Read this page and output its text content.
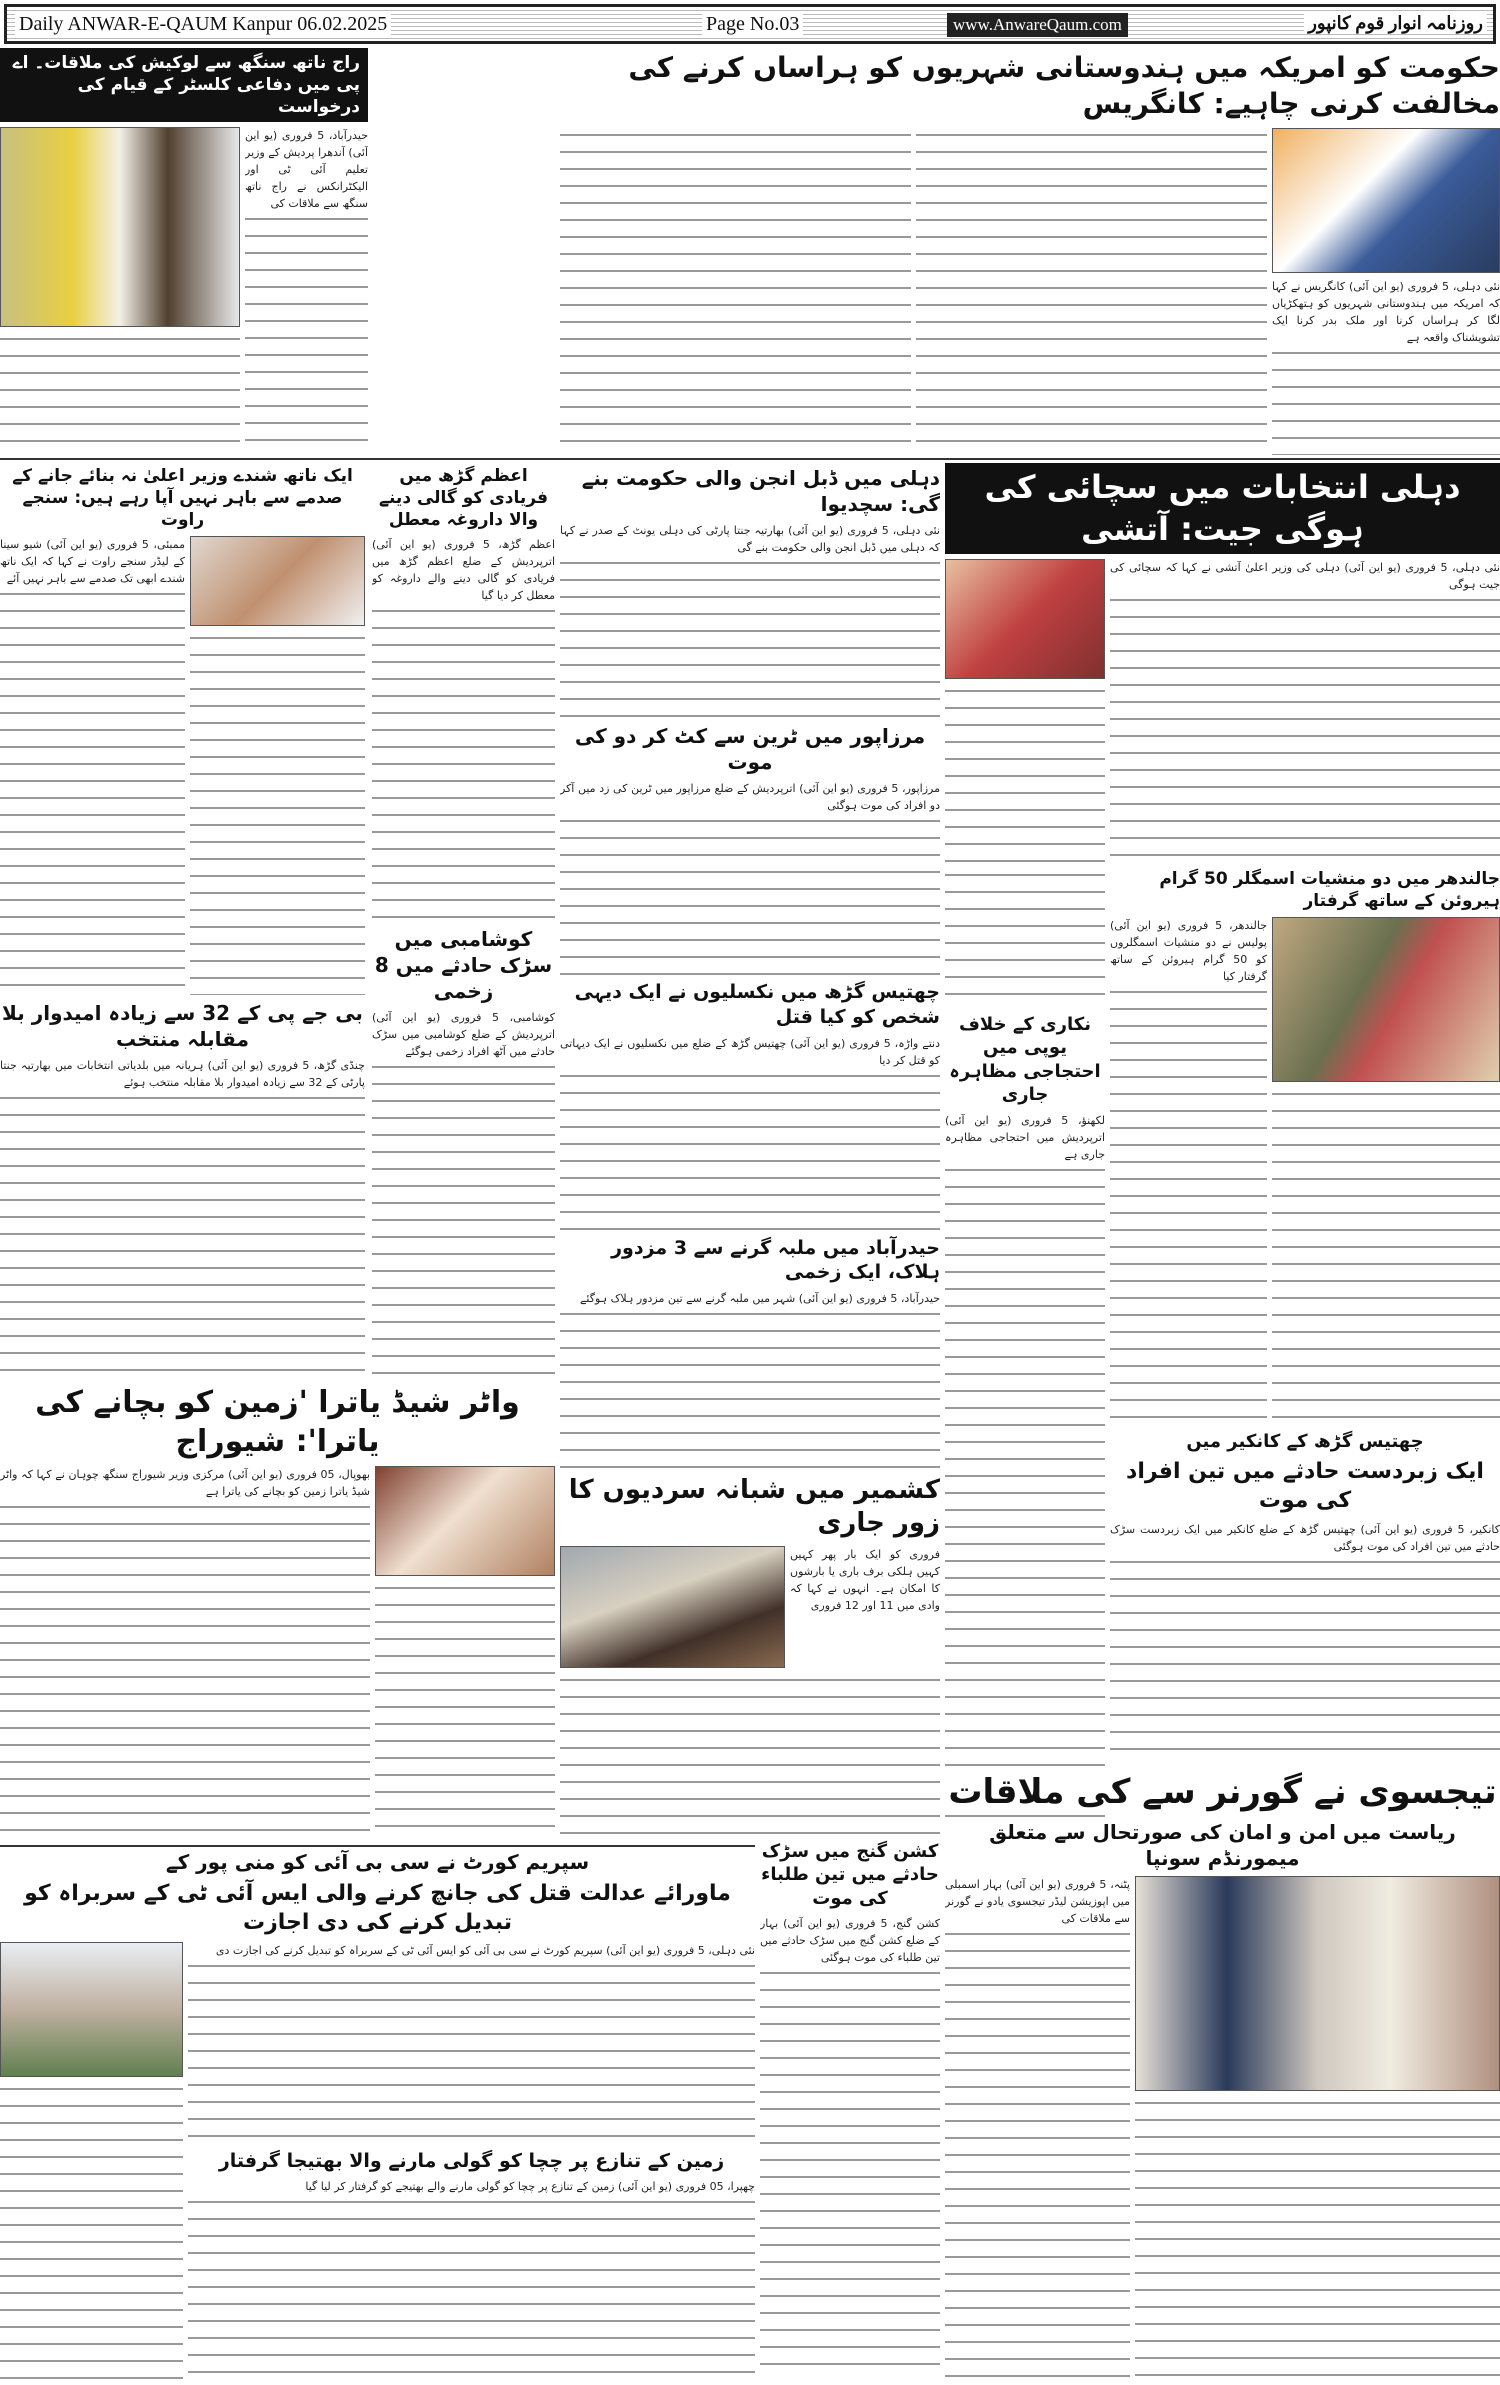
Daily ANWAR-E-QAUM Kanpur 06.02.2025	Page No.03	www.AnwareQaum.com	روزنامہ انوار قوم کانپور
حکومت کو امریکہ میں ہندوستانی شہریوں کو ہراساں کرنے کی مخالفت کرنی چاہیے: کانگریس
نئی دہلی، 5 فروری (یو این آئی) کانگریس نے کہا کہ امریکہ میں ہندوستانی شہریوں کو ہتھکڑیاں لگا کر ہراساں کرنا اور ملک بدر کرنا ایک تشویشناک واقعہ ہے
راج ناتھ سنگھ سے لوکیش کی ملاقات۔ اے پی میں دفاعی کلسٹر کے قیام کی درخواست
حیدرآباد، 5 فروری (یو این آئی) آندھرا پردیش کے وزیر تعلیم آئی ٹی اور الیکٹرانکس نے راج ناتھ سنگھ سے ملاقات کی
دہلی انتخابات میں سچائی کی ہوگی جیت: آتشی
نئی دہلی، 5 فروری (یو این آئی) دہلی کی وزیر اعلیٰ آتشی نے کہا کہ سچائی کی جیت ہوگی
نکاری کے خلاف یوپی میں احتجاجی مظاہرہ جاری
لکھنؤ، 5 فروری (یو این آئی) اترپردیش میں احتجاجی مظاہرہ جاری ہے
جالندھر میں دو منشیات اسمگلر 50 گرام ہیروئن کے ساتھ گرفتار
جالندھر، 5 فروری (یو این آئی) پولیس نے دو منشیات اسمگلروں کو 50 گرام ہیروئن کے ساتھ گرفتار کیا
چھتیس گڑھ کے کانکیر میں
ایک زبردست حادثے میں تین افراد کی موت
کانکیر، 5 فروری (یو این آئی) چھتیس گڑھ کے ضلع کانکیر میں ایک زبردست سڑک حادثے میں تین افراد کی موت ہوگئی
تیجسوی نے گورنر سے کی ملاقات
ریاست میں امن و امان کی صورتحال سے متعلق میمورنڈم سونپا
پٹنہ، 5 فروری (یو این آئی) بہار اسمبلی میں اپوزیشن لیڈر تیجسوی یادو نے گورنر سے ملاقات کی
دہلی میں ڈبل انجن والی حکومت بنے گی: سچدیوا
نئی دہلی، 5 فروری (یو این آئی) بھارتیہ جنتا پارٹی کی دہلی یونٹ کے صدر نے کہا کہ دہلی میں ڈبل انجن والی حکومت بنے گی
مرزاپور میں ٹرین سے کٹ کر دو کی موت
مرزاپور، 5 فروری (یو این آئی) اترپردیش کے ضلع مرزاپور میں ٹرین کی زد میں آکر دو افراد کی موت ہوگئی
چھتیس گڑھ میں نکسلیوں نے ایک دیہی شخص کو کیا قتل
دنتے واڑہ، 5 فروری (یو این آئی) چھتیس گڑھ کے ضلع میں نکسلیوں نے ایک دیہاتی کو قتل کر دیا
حیدرآباد میں ملبہ گرنے سے 3 مزدور ہلاک، ایک زخمی
حیدرآباد، 5 فروری (یو این آئی) شہر میں ملبہ گرنے سے تین مزدور ہلاک ہوگئے
کشمیر میں شبانہ سردیوں کا زور جاری
فروری کو ایک بار پھر کہیں کہیں ہلکی برف باری یا بارشوں کا امکان ہے۔ انہوں نے کہا کہ وادی میں 11 اور 12 فروری
اعظم گڑھ میں فریادی کو گالی دینے والا داروغہ معطل
اعظم گڑھ، 5 فروری (یو این آئی) اترپردیش کے ضلع اعظم گڑھ میں فریادی کو گالی دینے والے داروغہ کو معطل کر دیا گیا
کوشامبی میں سڑک حادثے میں 8 زخمی
کوشامبی، 5 فروری (یو این آئی) اترپردیش کے ضلع کوشامبی میں سڑک حادثے میں آٹھ افراد زخمی ہوگئے
ایک ناتھ شندے وزیر اعلیٰ نہ بنائے جانے کے صدمے سے باہر نہیں آپا رہے ہیں: سنجے راوت
ممبئی، 5 فروری (یو این آئی) شیو سینا کے لیڈر سنجے راوت نے کہا کہ ایک ناتھ شندے ابھی تک صدمے سے باہر نہیں آئے
بی جے پی کے 32 سے زیادہ امیدوار بلا مقابلہ منتخب
چنڈی گڑھ، 5 فروری (یو این آئی) ہریانہ میں بلدیاتی انتخابات میں بھارتیہ جنتا پارٹی کے 32 سے زیادہ امیدوار بلا مقابلہ منتخب ہوئے
واٹر شیڈ یاترا 'زمین کو بچانے کی یاترا': شیوراج
بھوپال، 05 فروری (یو این آئی) مرکزی وزیر شیوراج سنگھ چوہان نے کہا کہ واٹر شیڈ یاترا زمین کو بچانے کی یاترا ہے
سپریم کورٹ نے سی بی آئی کو منی پور کے
ماورائے عدالت قتل کی جانچ کرنے والی ایس آئی ٹی کے سربراہ کو تبدیل کرنے کی دی اجازت
نئی دہلی، 5 فروری (یو این آئی) سپریم کورٹ نے سی بی آئی کو ایس آئی ٹی کے سربراہ کو تبدیل کرنے کی اجازت دی
زمین کے تنازع پر چچا کو گولی مارنے والا بھتیجا گرفتار
چھپرا، 05 فروری (یو این آئی) زمین کے تنازع پر چچا کو گولی مارنے والے بھتیجے کو گرفتار کر لیا گیا
کشن گنج میں سڑک حادثے میں تین طلباء کی موت
کشن گنج، 5 فروری (یو این آئی) بہار کے ضلع کشن گنج میں سڑک حادثے میں تین طلباء کی موت ہوگئی
